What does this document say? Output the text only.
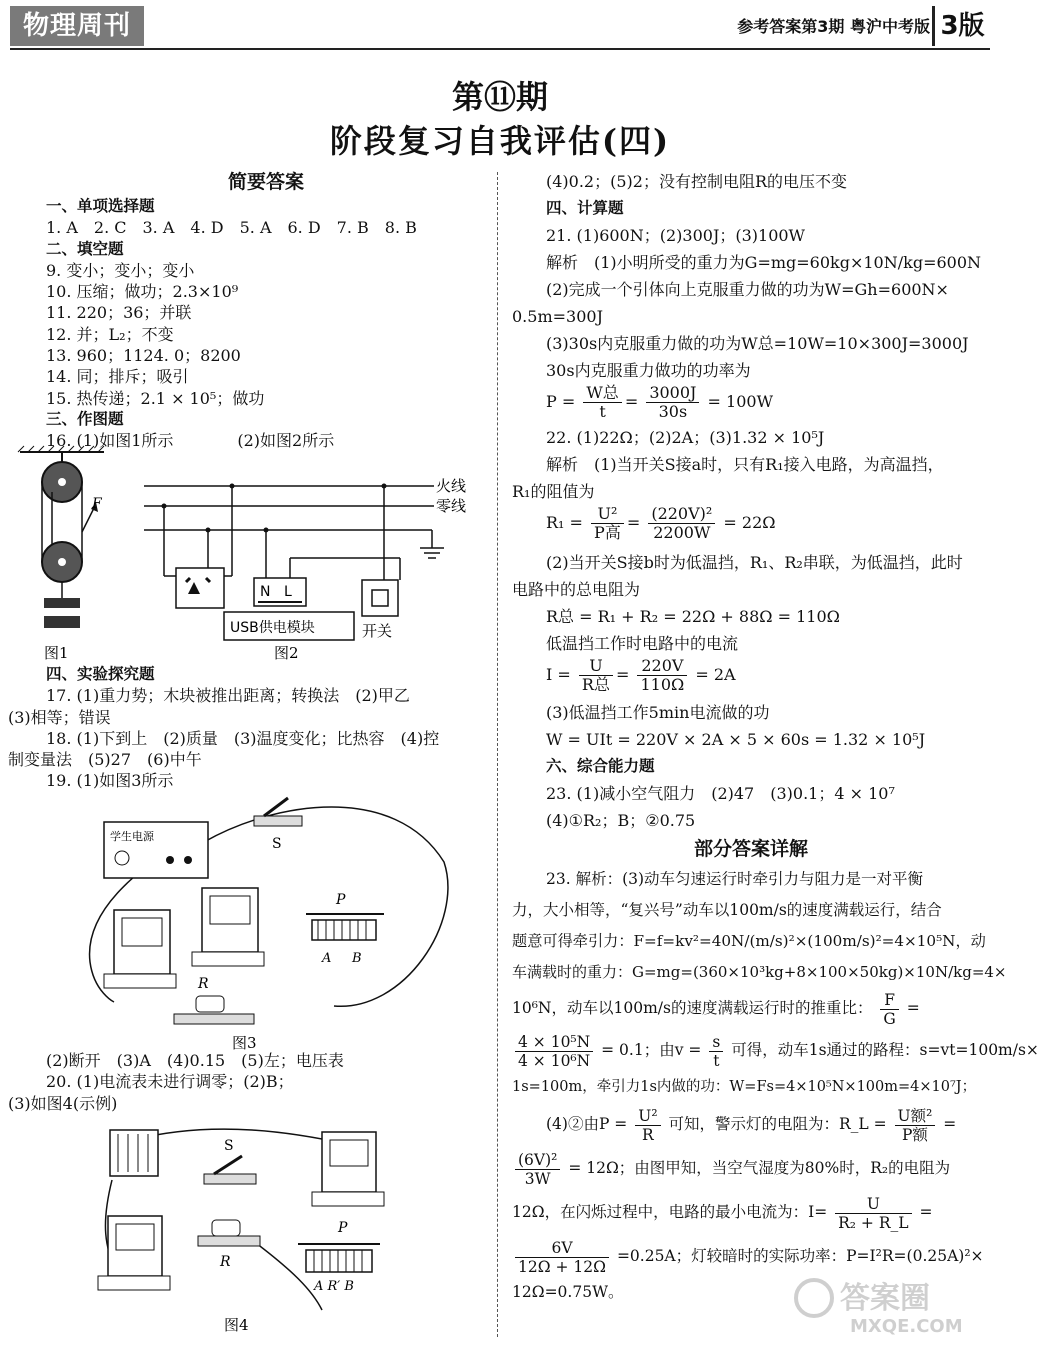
物理周刊	参考答案第3期 粤沪中考版 3版
第⑪期
阶段复习自我评估(四)
简要答案
一、单项选择题
1. A　2. C　3. A　4. D　5. A　6. D　7. B　8. B
二、填空题
9. 变小；变小；变小
10. 压缩；做功；2.3×10⁹
11. 220；36；并联
12. 并；L₂；不变
13. 960；1124. 0；8200
14. 同；排斥；吸引
15. 热传递；2.1 × 10⁵；做功
三、作图题
16. (1)如图1所示　　　　(2)如图2所示
F
图1
火线
零线
USB供电模块
N L
开关
图2
四、实验探究题
17. (1)重力势；木块被推出距离；转换法　(2)甲乙
(3)相等；错误
18. (1)下到上　(2)质量　(3)温度变化；比热容　(4)控
制变量法　(5)27　(6)中午
19. (1)如图3所示
学生电源	S
P
A B
R
图3
(2)断开　(3)A　(4)0.15　(5)左；电压表
20. (1)电流表未进行调零；(2)B；
(3)如图4(示例)
S
R
P
A R′ B
图4
(4)0.2；(5)2；没有控制电阻R的电压不变
四、计算题
21. (1)600N；(2)300J；(3)100W
解析　(1)小明所受的重力为G=mg=60kg×10N/kg=600N
(2)完成一个引体向上克服重力做的功为W=Gh=600N×
0.5m=300J
(3)30s内克服重力做的功为W总=10W=10×300J=3000J
30s内克服重力做功的功率为
$P = \frac{\text{W总}}{t} = \frac{3000J}{30s} = 100W$
22. (1)22Ω；(2)2A；(3)1.32 × 10⁵J
解析　(1)当开关S接a时，只有R₁接入电路，为高温挡，
R₁的阻值为
$R_1 = \frac{\text{U²}}{\text{P高}} = \frac{\text{(220V)²}}{2200W} = 22\Omega$
(2)当开关S接b时为低温挡，R₁、R₂串联，为低温挡，此时
电路中的总电阻为
R总 = R₁ + R₂ = 22Ω + 88Ω = 110Ω
低温挡工作时电路中的电流
$I = \frac{U}{\text{R总}} = \frac{220V}{110\Omega} = 2A$
(3)低温挡工作5min电流做的功
W = UIt = 220V × 2A × 5 × 60s = 1.32 × 10⁵J
六、综合能力题
23. (1)减小空气阻力　(2)47　(3)0.1；4 × 10⁷
(4)①R₂；B；②0.75
部分答案详解
23. 解析：(3)动车匀速运行时牵引力与阻力是一对平衡
力，大小相等，“复兴号”动车以100m/s的速度满载运行，结合
题意可得牵引力：F=f=kv²=40N/(m/s)²×(100m/s)²=4×10⁵N，动
车满载时的重力：G=mg=(360×10³kg+8×100×50kg)×10N/kg=4×
10⁶N，动车以100m/s的速度满载运行时的推重比： $\frac{F}{G}$ =
$\frac{\text{4 × 10⁵N}}{\text{4 × 10⁶N}} = 0.1$；由$v = \frac{s}{t}$ 可得，动车1s通过的路程：s=vt=100m/s×
1s=100m，牵引力1s内做的功：W=Fs=4×10⁵N×100m=4×10⁷J；
(4)②由$P = \frac{\text{U²}}{R}$ 可知，警示灯的电阻为：R_L = $\frac{\text{U额²}}{\text{P额}}$ =
$\frac{\text{(6V)²}}{3W} = 12\Omega$；由图甲知，当空气湿度为80%时，R₂的电阻为
12Ω，在闪烁过程中，电路的最小电流为：$I= \frac{U}{\text{R₂ + R\_L}}$ =
$\frac{6V}{12\Omega + 12\Omega} =0.25A$；灯较暗时的实际功率：P=I²R=(0.25A)²×
12Ω=0.75W。	答案圈
MXQE.COM
